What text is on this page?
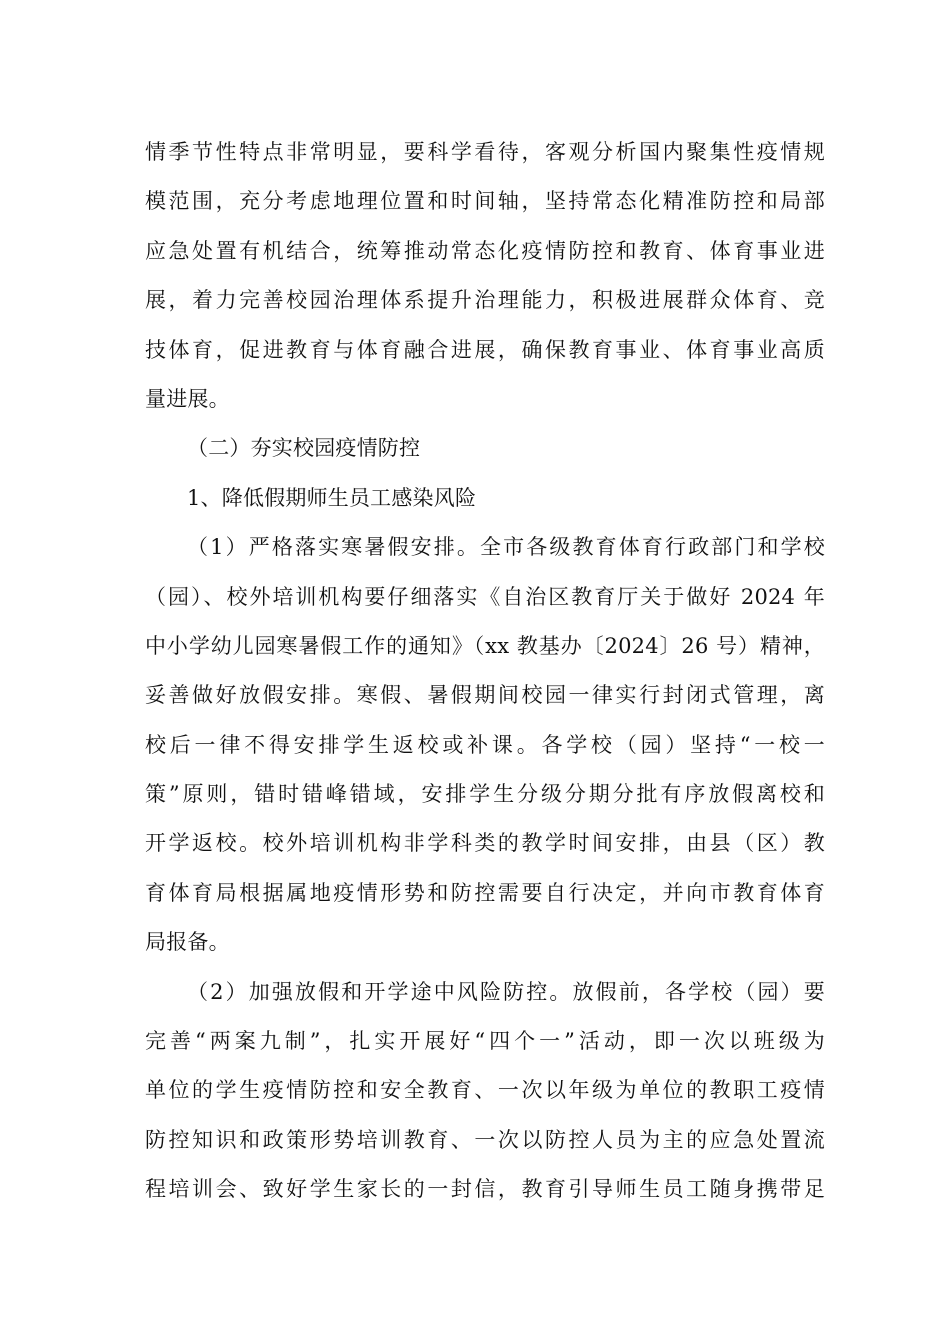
情季节性特点非常明显，要科学看待，客观分析国内聚集性疫情规
模范围，充分考虑地理位置和时间轴，坚持常态化精准防控和局部
应急处置有机结合，统筹推动常态化疫情防控和教育、体育事业进
展，着力完善校园治理体系提升治理能力，积极进展群众体育、竞
技体育，促进教育与体育融合进展，确保教育事业、体育事业高质
量进展。
（二）夯实校园疫情防控
1、降低假期师生员工感染风险
（1）严格落实寒暑假安排。全市各级教育体育行政部门和学校
（园）、校外培训机构要仔细落实《自治区教育厅关于做好 2024 年
中小学幼儿园寒暑假工作的通知》（xx 教基办〔2024〕26 号）精神，
妥善做好放假安排。寒假、暑假期间校园一律实行封闭式管理，离
校后一律不得安排学生返校或补课。各学校（园）坚持“一校一
策”原则，错时错峰错域，安排学生分级分期分批有序放假离校和
开学返校。校外培训机构非学科类的教学时间安排，由县（区）教
育体育局根据属地疫情形势和防控需要自行决定，并向市教育体育
局报备。
（2）加强放假和开学途中风险防控。放假前，各学校（园）要
完善“两案九制”，扎实开展好“四个一”活动，即一次以班级为
单位的学生疫情防控和安全教育、一次以年级为单位的教职工疫情
防控知识和政策形势培训教育、一次以防控人员为主的应急处置流
程培训会、致好学生家长的一封信，教育引导师生员工随身携带足
